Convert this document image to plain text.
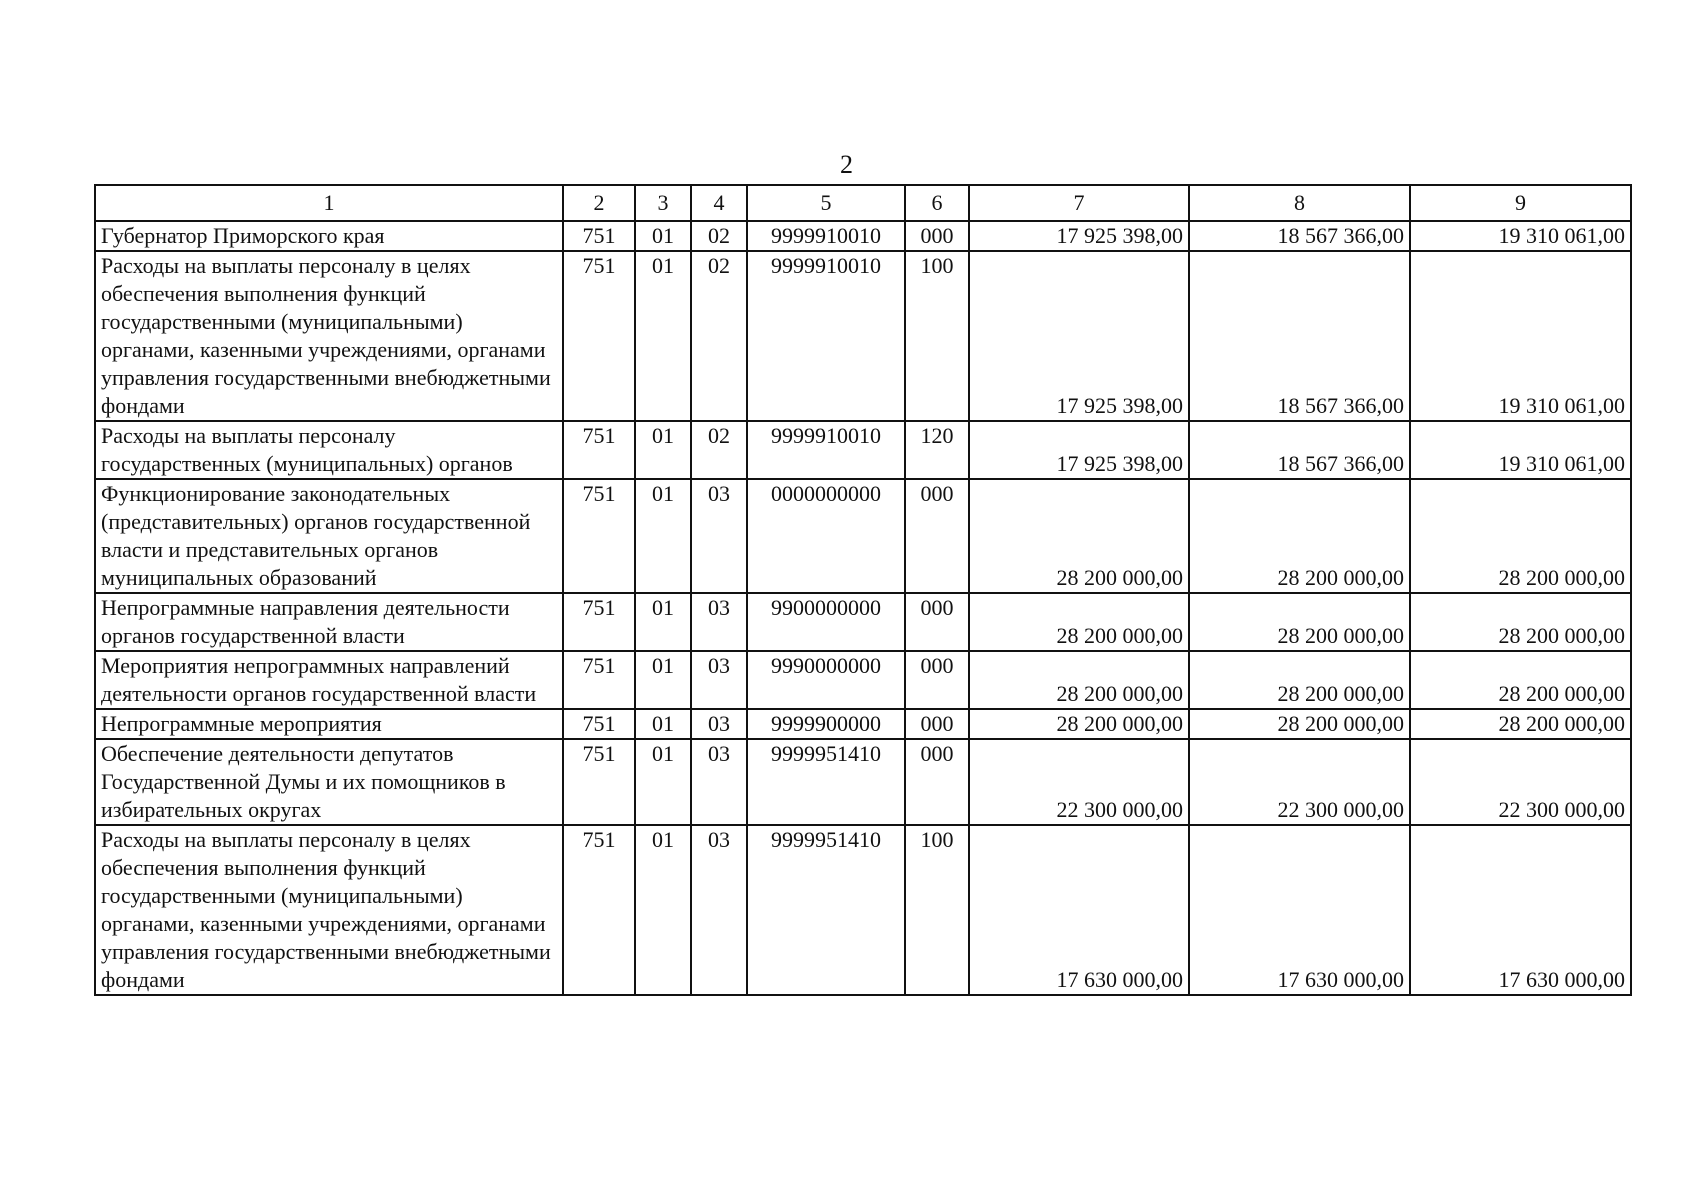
2
1	2	3	4	5	6	7	8	9
Губернатор Приморского края	751	01	02	9999910010	000	17 925 398,00	18 567 366,00	19 310 061,00
Расходы на выплаты персоналу в целях обеспечения выполнения функций государственными (муниципальными) органами, казенными учреждениями, органами управления государственными внебюджетными фондами	751	01	02	9999910010	100	17 925 398,00	18 567 366,00	19 310 061,00
Расходы на выплаты персоналу государственных (муниципальных) органов	751	01	02	9999910010	120	17 925 398,00	18 567 366,00	19 310 061,00
Функционирование законодательных (представительных) органов государственной власти и представительных органов муниципальных образований	751	01	03	0000000000	000	28 200 000,00	28 200 000,00	28 200 000,00
Непрограммные направления деятельности органов государственной власти	751	01	03	9900000000	000	28 200 000,00	28 200 000,00	28 200 000,00
Мероприятия непрограммных направлений деятельности органов государственной власти	751	01	03	9990000000	000	28 200 000,00	28 200 000,00	28 200 000,00
Непрограммные мероприятия	751	01	03	9999900000	000	28 200 000,00	28 200 000,00	28 200 000,00
Обеспечение деятельности депутатов Государственной Думы и их помощников в избирательных округах	751	01	03	9999951410	000	22 300 000,00	22 300 000,00	22 300 000,00
Расходы на выплаты персоналу в целях обеспечения выполнения функций государственными (муниципальными) органами, казенными учреждениями, органами управления государственными внебюджетными фондами	751	01	03	9999951410	100	17 630 000,00	17 630 000,00	17 630 000,00
